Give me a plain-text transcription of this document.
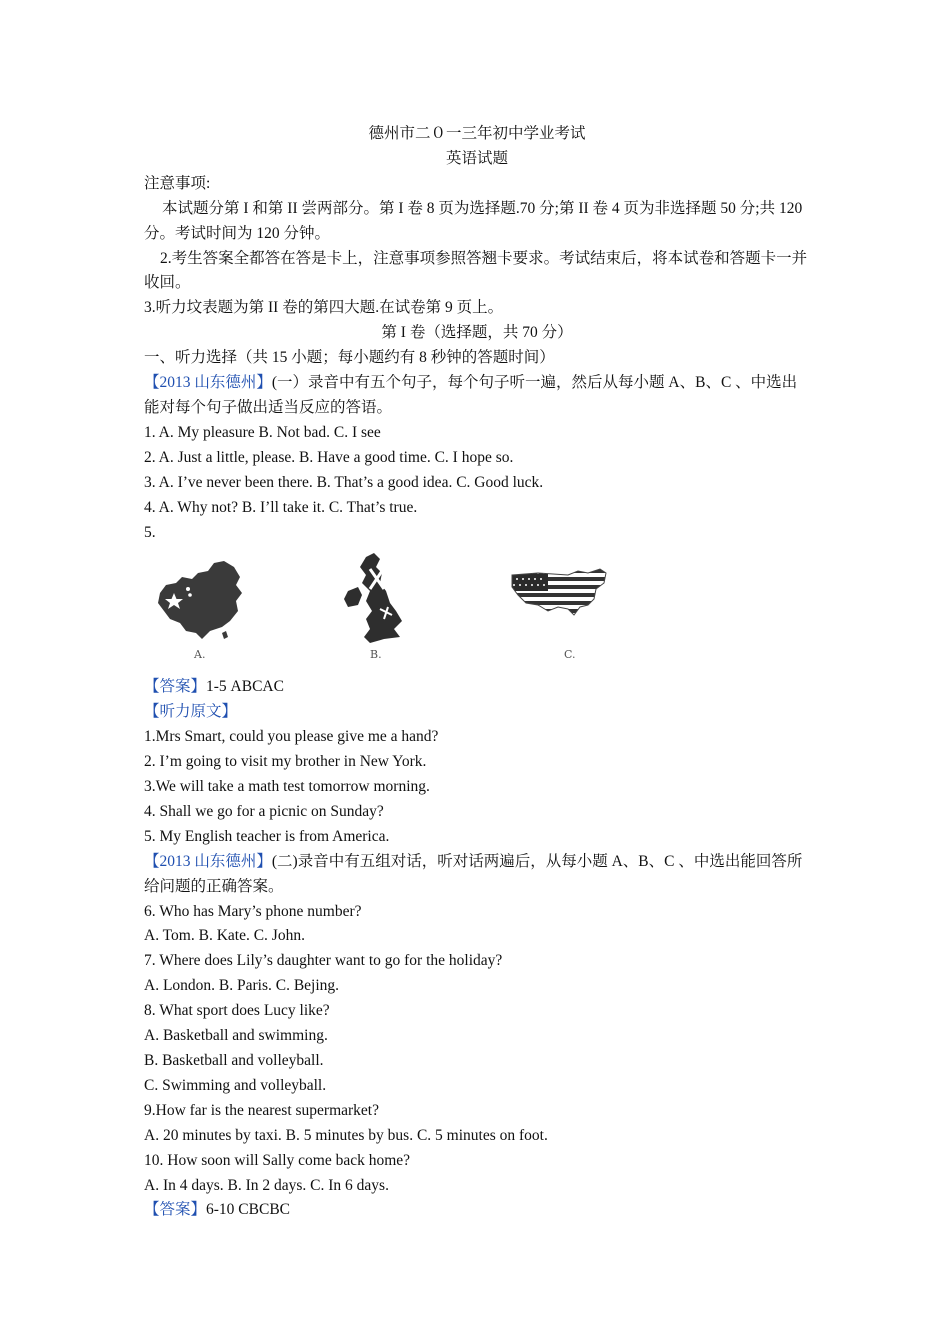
德州市二０一三年初中学业考试
英语试题
注意事项:
本试题分第 I 和第 II 尝两部分。第 I 卷 8 页为选择题.70 分;第 II 卷 4 页为非选择题 50 分;共 120 分。考试时间为 120 分钟。
2.考生答案全都答在答是卡上，注意事项参照答翘卡要求。考试结束后，将本试卷和答题卡一并收回。
3.听力坟表题为第 II 卷的第四大题.在试卷第 9 页上。
第 I 卷（选择题，共 70 分）
一、听力选择（共 15 小题；每小题约有 8 秒钟的答题时间）
【2013 山东德州】(一）录音中有五个句子，每个句子听一遍，然后从每小题 A、B、C 、中选出能对每个句子做出适当反应的答语。
1. A. My pleasure B. Not bad. C. I see
2. A. Just a little, please. B. Have a good time. C. I hope so.
3. A. I’ve never been there. B. That’s a good idea. C. Good luck.
4. A. Why not? B. I’ll take it. C. That’s true.
5.
A.	B.	C.
【答案】1-5 ABCAC
【听力原文】
1.Mrs Smart, could you please give me a hand?
2. I’m going to visit my brother in New York.
3.We will take a math test tomorrow morning.
4. Shall we go for a picnic on Sunday?
5. My English teacher is from America.
【2013 山东德州】(二)录音中有五组对话，听对话两遍后，从每小题 A、B、C 、中选出能回答所给问题的正确答案。
6. Who has Mary’s phone number?
A. Tom. B. Kate. C. John.
7. Where does Lily’s daughter want to go for the holiday?
A. London. B. Paris. C. Bejing.
8. What sport does Lucy like?
A. Basketball and swimming.
B. Basketball and volleyball.
C. Swimming and volleyball.
9.How far is the nearest supermarket?
A. 20 minutes by taxi. B. 5 minutes by bus. C. 5 minutes on foot.
10. How soon will Sally come back home?
A. In 4 days. B. In 2 days. C. In 6 days.
【答案】6-10 CBCBC
